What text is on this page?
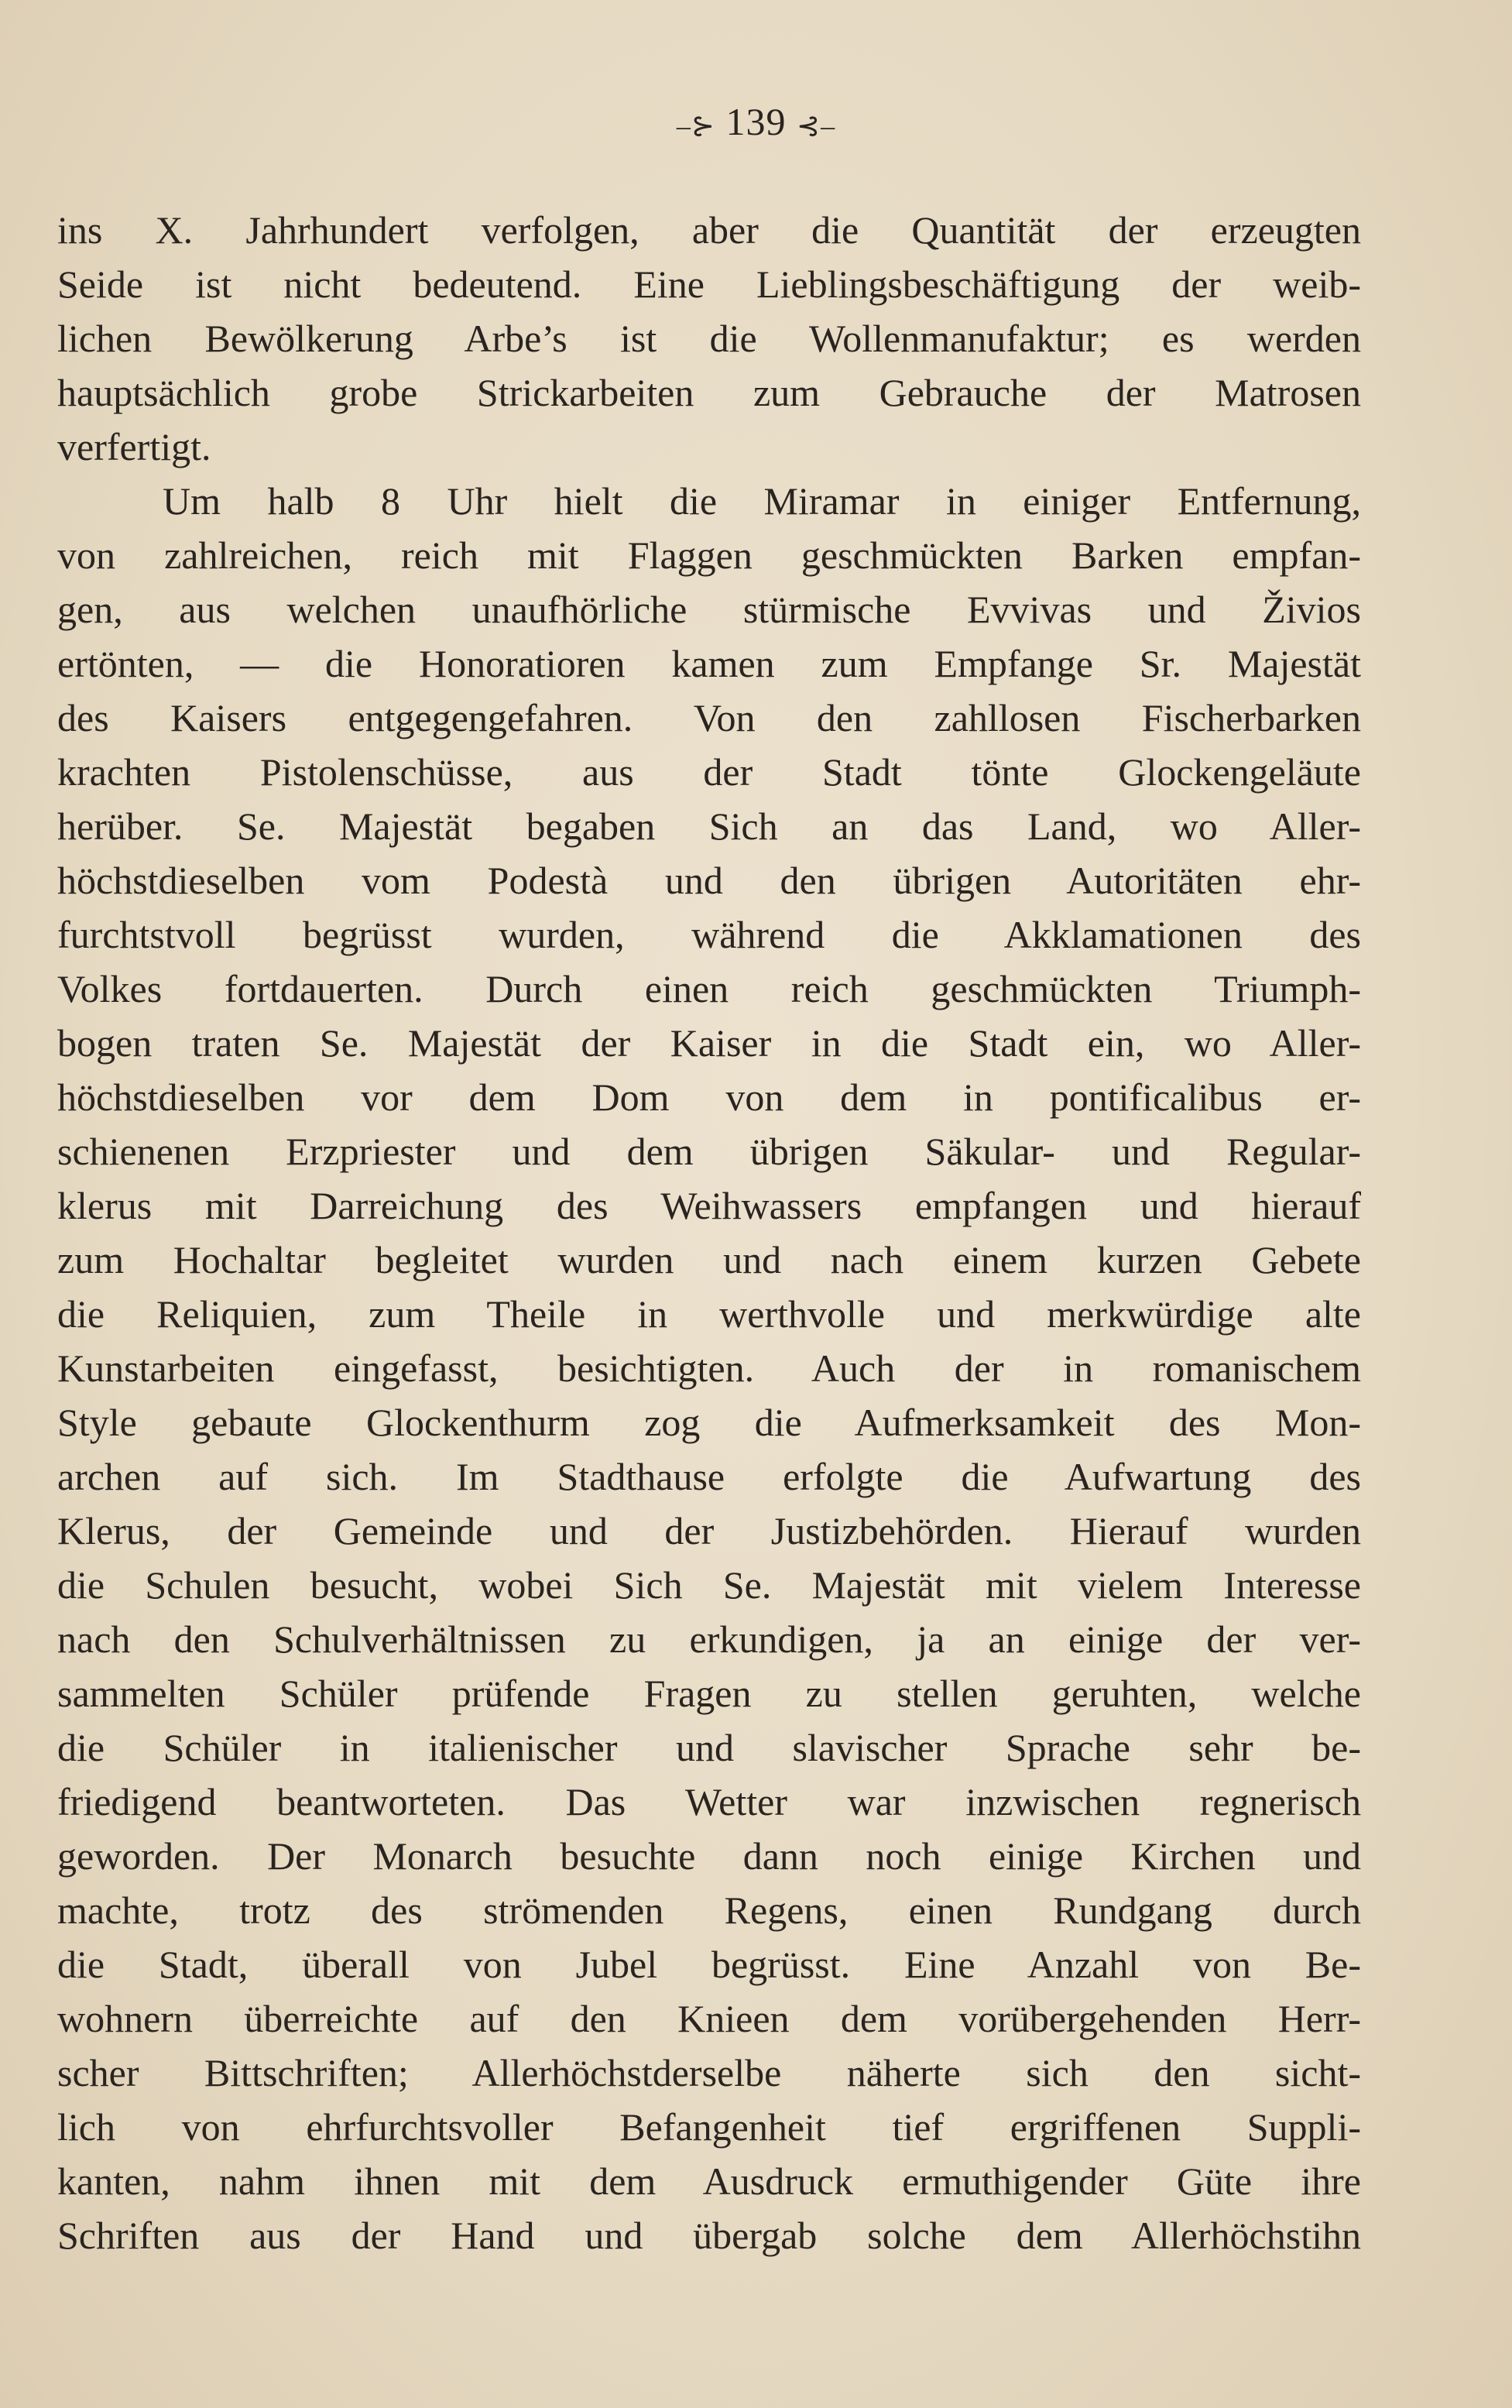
–⊱ 139 ⊰–
ins X. Jahrhundert verfolgen, aber die Quantität der erzeugten
Seide ist nicht bedeutend. Eine Lieblingsbeschäftigung der weib-
lichen Bewölkerung Arbe’s ist die Wollenmanufaktur; es werden
hauptsächlich grobe Strickarbeiten zum Gebrauche der Matrosen
verfertigt.
Um halb 8 Uhr hielt die Miramar in einiger Entfernung,
von zahlreichen, reich mit Flaggen geschmückten Barken empfan-
gen, aus welchen unaufhörliche stürmische Evvivas und Živios
ertönten, — die Honoratioren kamen zum Empfange Sr. Majestät
des Kaisers entgegengefahren. Von den zahllosen Fischerbarken
krachten Pistolenschüsse, aus der Stadt tönte Glockengeläute
herüber. Se. Majestät begaben Sich an das Land, wo Aller-
höchstdieselben vom Podestà und den übrigen Autoritäten ehr-
furchtstvoll begrüsst wurden, während die Akklamationen des
Volkes fortdauerten. Durch einen reich geschmückten Triumph-
bogen traten Se. Majestät der Kaiser in die Stadt ein, wo Aller-
höchstdieselben vor dem Dom von dem in pontificalibus er-
schienenen Erzpriester und dem übrigen Säkular- und Regular-
klerus mit Darreichung des Weihwassers empfangen und hierauf
zum Hochaltar begleitet wurden und nach einem kurzen Gebete
die Reliquien, zum Theile in werthvolle und merkwürdige alte
Kunstarbeiten eingefasst, besichtigten. Auch der in romanischem
Style gebaute Glockenthurm zog die Aufmerksamkeit des Mon-
archen auf sich. Im Stadthause erfolgte die Aufwartung des
Klerus, der Gemeinde und der Justizbehörden. Hierauf wurden
die Schulen besucht, wobei Sich Se. Majestät mit vielem Interesse
nach den Schulverhältnissen zu erkundigen, ja an einige der ver-
sammelten Schüler prüfende Fragen zu stellen geruhten, welche
die Schüler in italienischer und slavischer Sprache sehr be-
friedigend beantworteten. Das Wetter war inzwischen regnerisch
geworden. Der Monarch besuchte dann noch einige Kirchen und
machte, trotz des strömenden Regens, einen Rundgang durch
die Stadt, überall von Jubel begrüsst. Eine Anzahl von Be-
wohnern überreichte auf den Knieen dem vorübergehenden Herr-
scher Bittschriften; Allerhöchstderselbe näherte sich den sicht-
lich von ehrfurchtsvoller Befangenheit tief ergriffenen Suppli-
kanten, nahm ihnen mit dem Ausdruck ermuthigender Güte ihre
Schriften aus der Hand und übergab solche dem Allerhöchstihn
